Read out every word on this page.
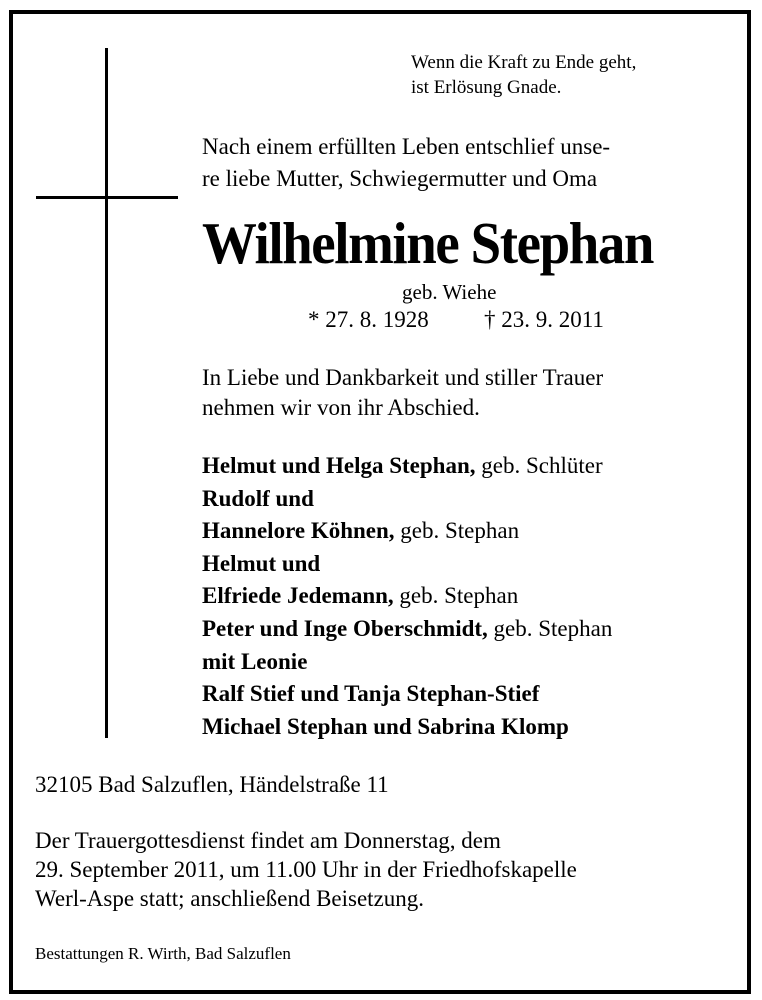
Wenn die Kraft zu Ende geht,
ist Erlösung Gnade.
Nach einem erfüllten Leben entschlief unse-
re liebe Mutter, Schwiegermutter und Oma
Wilhelmine Stephan
geb. Wiehe
* 27. 8. 1928 † 23. 9. 2011
In Liebe und Dankbarkeit und stiller Trauer
nehmen wir von ihr Abschied.
Helmut und Helga Stephan, geb. Schlüter
Rudolf und
Hannelore Köhnen, geb. Stephan
Helmut und
Elfriede Jedemann, geb. Stephan
Peter und Inge Oberschmidt, geb. Stephan
mit Leonie
Ralf Stief und Tanja Stephan-Stief
Michael Stephan und Sabrina Klomp
32105 Bad Salzuflen, Händelstraße 11
Der Trauergottesdienst findet am Donnerstag, dem
29. September 2011, um 11.00 Uhr in der Friedhofskapelle
Werl-Aspe statt; anschließend Beisetzung.
Bestattungen R. Wirth, Bad Salzuflen
